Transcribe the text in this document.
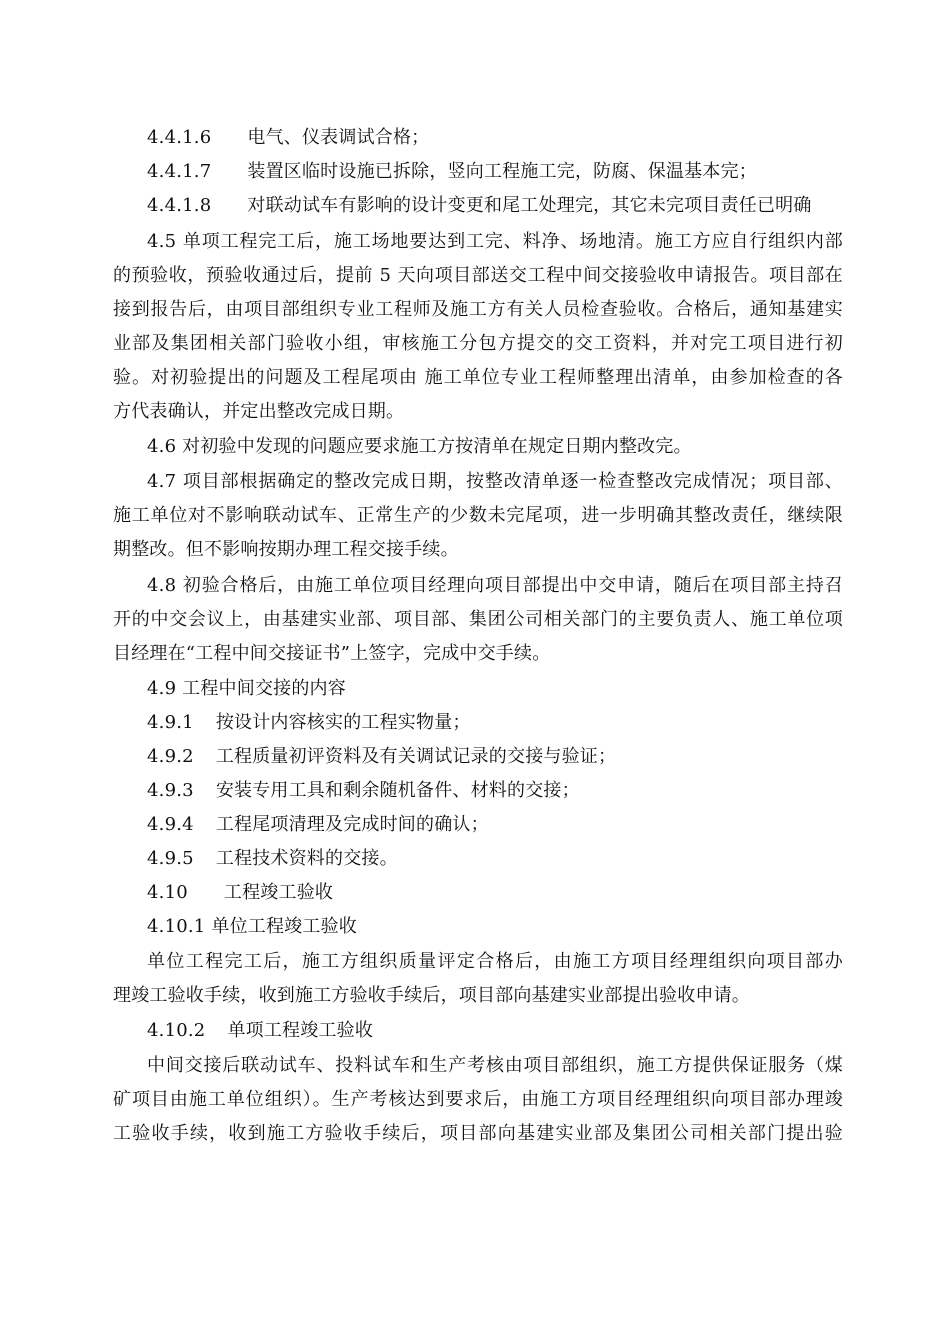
4.4.1.6 电气、仪表调试合格；
4.4.1.7 装置区临时设施已拆除，竖向工程施工完，防腐、保温基本完；
4.4.1.8 对联动试车有影响的设计变更和尾工处理完，其它未完项目责任已明确
4.5 单项工程完工后，施工场地要达到工完、料净、场地清。施工方应自行组织内部
的预验收，预验收通过后，提前 5 天向项目部送交工程中间交接验收申请报告。项目部在
接到报告后，由项目部组织专业工程师及施工方有关人员检查验收。合格后，通知基建实
业部及集团相关部门验收小组，审核施工分包方提交的交工资料，并对完工项目进行初
验。对初验提出的问题及工程尾项由 施工单位专业工程师整理出清单，由参加检查的各
方代表确认，并定出整改完成日期。
4.6 对初验中发现的问题应要求施工方按清单在规定日期内整改完。
4.7 项目部根据确定的整改完成日期，按整改清单逐一检查整改完成情况；项目部、
施工单位对不影响联动试车、正常生产的少数未完尾项，进一步明确其整改责任，继续限
期整改。但不影响按期办理工程交接手续。
4.8 初验合格后，由施工单位项目经理向项目部提出中交申请，随后在项目部主持召
开的中交会议上，由基建实业部、项目部、集团公司相关部门的主要负责人、施工单位项
目经理在“工程中间交接证书”上签字，完成中交手续。
4.9 工程中间交接的内容
4.9.1 按设计内容核实的工程实物量；
4.9.2 工程质量初评资料及有关调试记录的交接与验证；
4.9.3 安装专用工具和剩余随机备件、材料的交接；
4.9.4 工程尾项清理及完成时间的确认；
4.9.5 工程技术资料的交接。
4.10 工程竣工验收
4.10.1 单位工程竣工验收
单位工程完工后，施工方组织质量评定合格后，由施工方项目经理组织向项目部办
理竣工验收手续，收到施工方验收手续后，项目部向基建实业部提出验收申请。
4.10.2 单项工程竣工验收
中间交接后联动试车、投料试车和生产考核由项目部组织，施工方提供保证服务（煤
矿项目由施工单位组织）。生产考核达到要求后，由施工方项目经理组织向项目部办理竣
工验收手续，收到施工方验收手续后，项目部向基建实业部及集团公司相关部门提出验
